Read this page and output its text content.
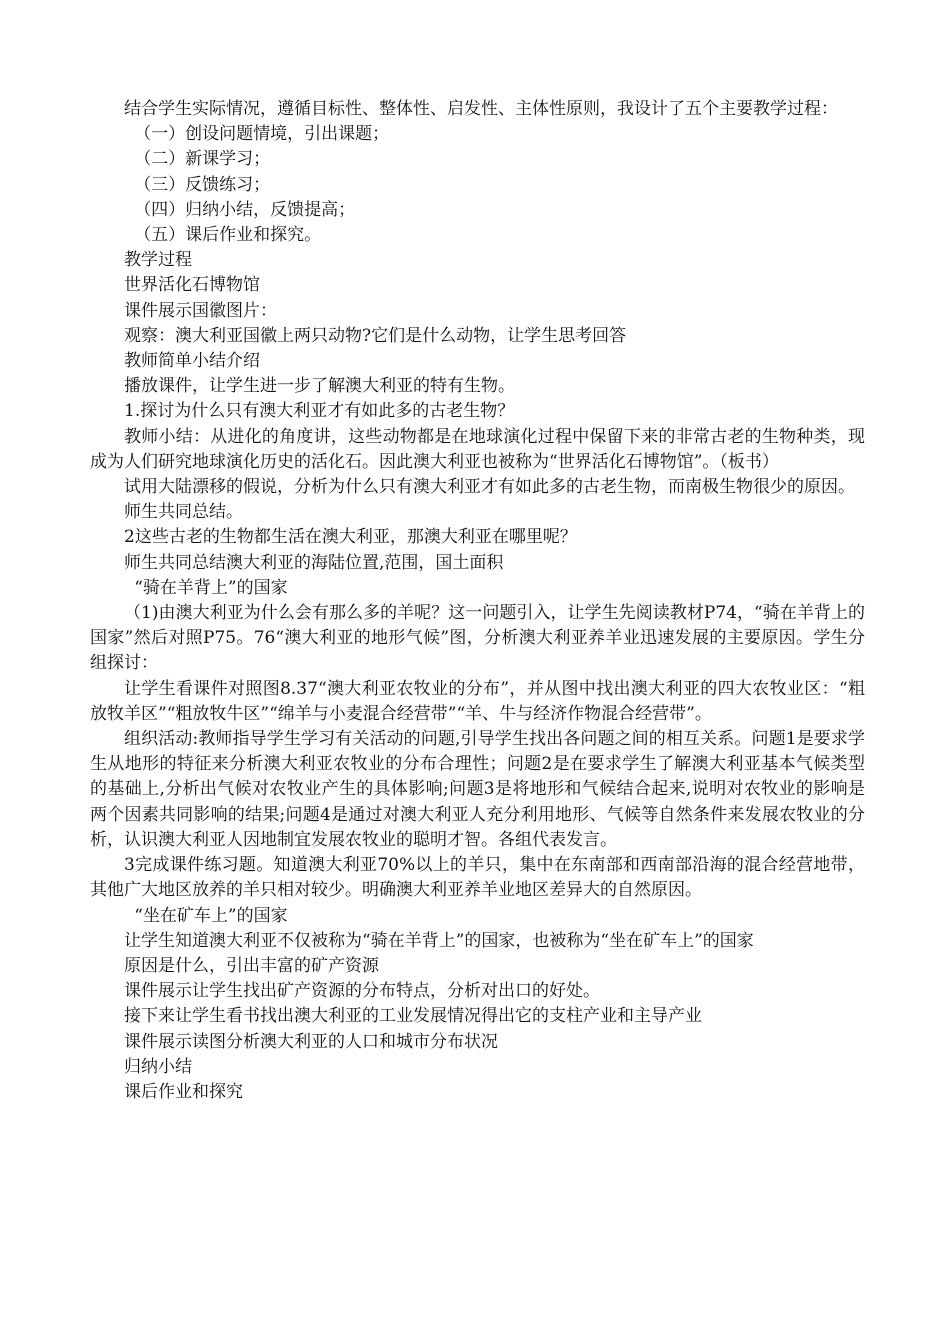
结合学生实际情况，遵循目标性、整体性、启发性、主体性原则，我设计了五个主要教学过程：

（一）创设问题情境，引出课题；

（二）新课学习；

（三）反馈练习；

（四）归纳小结，反馈提高；

（五）课后作业和探究。

教学过程

世界活化石博物馆

课件展示国徽图片：

观察：澳大利亚国徽上两只动物?它们是什么动物，让学生思考回答

教师简单小结介绍

播放课件，让学生进一步了解澳大利亚的特有生物。

1.探讨为什么只有澳大利亚才有如此多的古老生物？

教师小结：从进化的角度讲，这些动物都是在地球演化过程中保留下来的非常古老的生物种类，现成为人们研究地球演化历史的活化石。因此澳大利亚也被称为“世界活化石博物馆”。（板书）

试用大陆漂移的假说，分析为什么只有澳大利亚才有如此多的古老生物，而南极生物很少的原因。

师生共同总结。

2这些古老的生物都生活在澳大利亚，那澳大利亚在哪里呢？

师生共同总结澳大利亚的海陆位置,范围，国土面积

“骑在羊背上”的国家

（1)由澳大利亚为什么会有那么多的羊呢？这一问题引入，让学生先阅读教材P74，“骑在羊背上的国家”然后对照P75。76“澳大利亚的地形气候”图，分析澳大利亚养羊业迅速发展的主要原因。学生分组探讨：

让学生看课件对照图8.37“澳大利亚农牧业的分布”，并从图中找出澳大利亚的四大农牧业区：“粗放牧羊区”“粗放牧牛区”“绵羊与小麦混合经营带”“羊、牛与经济作物混合经营带”。

组织活动:教师指导学生学习有关活动的问题,引导学生找出各问题之间的相互关系。问题1是要求学生从地形的特征来分析澳大利亚农牧业的分布合理性；问题2是在要求学生了解澳大利亚基本气候类型的基础上,分析出气候对农牧业产生的具体影响;问题3是将地形和气候结合起来,说明对农牧业的影响是两个因素共同影响的结果;问题4是通过对澳大利亚人充分利用地形、气候等自然条件来发展农牧业的分析，认识澳大利亚人因地制宜发展农牧业的聪明才智。各组代表发言。

3完成课件练习题。知道澳大利亚70%以上的羊只，集中在东南部和西南部沿海的混合经营地带，其他广大地区放养的羊只相对较少。明确澳大利亚养羊业地区差异大的自然原因。

“坐在矿车上”的国家

让学生知道澳大利亚不仅被称为“骑在羊背上”的国家，也被称为“坐在矿车上”的国家

原因是什么，引出丰富的矿产资源

课件展示让学生找出矿产资源的分布特点，分析对出口的好处。

接下来让学生看书找出澳大利亚的工业发展情况得出它的支柱产业和主导产业

课件展示读图分析澳大利亚的人口和城市分布状况

归纳小结

课后作业和探究
